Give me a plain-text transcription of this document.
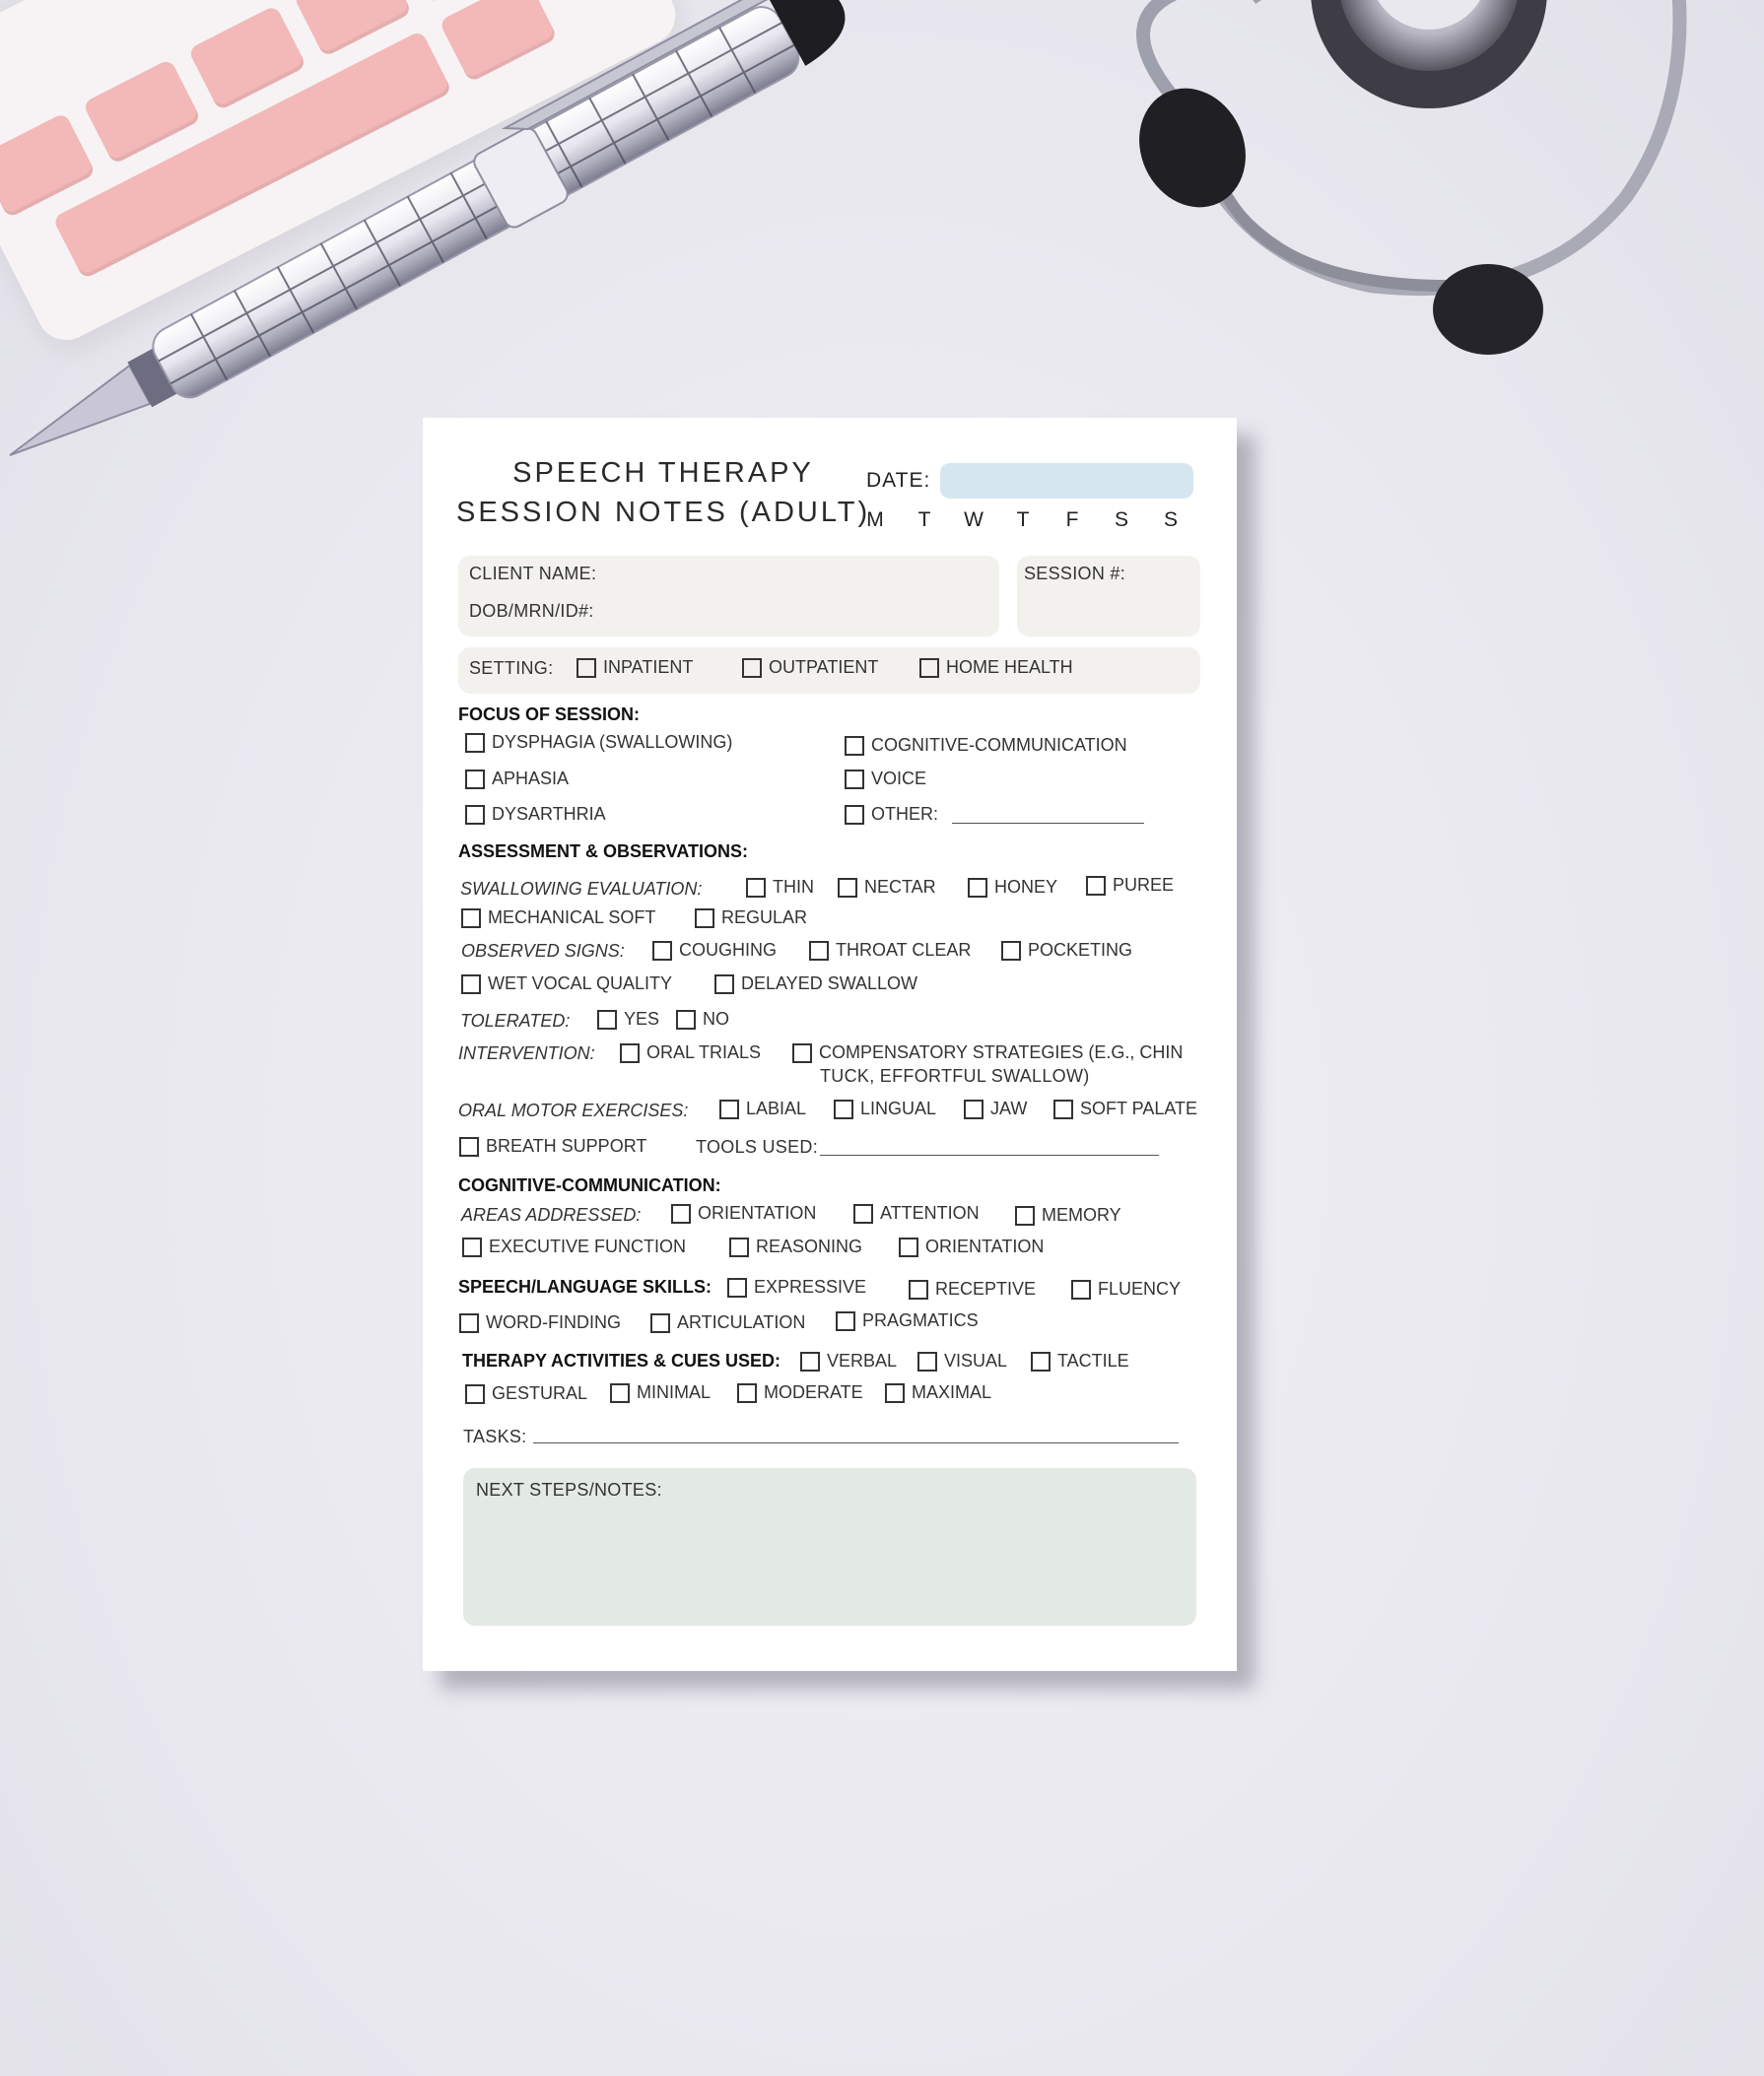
SPEECH THERAPY
SESSION NOTES (ADULT)
DATE:
M	T	W	T	F	S	S
CLIENT NAME:
DOB/MRN/ID#:
SESSION #:
SETTING:	INPATIENT	OUTPATIENT	HOME HEALTH
FOCUS OF SESSION:
DYSPHAGIA (SWALLOWING)	COGNITIVE-COMMUNICATION
APHASIA	VOICE
DYSARTHRIA	OTHER:
ASSESSMENT & OBSERVATIONS:
SWALLOWING EVALUATION:	THIN	NECTAR	HONEY	PUREE
MECHANICAL SOFT	REGULAR
OBSERVED SIGNS:	COUGHING	THROAT CLEAR	POCKETING
WET VOCAL QUALITY	DELAYED SWALLOW
TOLERATED:	YES NO
INTERVENTION:	ORAL TRIALS	COMPENSATORY STRATEGIES (E.G., CHIN
TUCK, EFFORTFUL SWALLOW)
ORAL MOTOR EXERCISES:	LABIAL	LINGUAL	JAW	SOFT PALATE
BREATH SUPPORT	TOOLS USED:
COGNITIVE-COMMUNICATION:
AREAS ADDRESSED:	ORIENTATION	ATTENTION	MEMORY
EXECUTIVE FUNCTION	REASONING	ORIENTATION
SPEECH/LANGUAGE SKILLS: EXPRESSIVE	RECEPTIVE	FLUENCY
WORD-FINDING	ARTICULATION	PRAGMATICS
THERAPY ACTIVITIES & CUES USED:	VERBAL	VISUAL	TACTILE
GESTURAL	MINIMAL	MODERATE	MAXIMAL
TASKS:
NEXT STEPS/NOTES:
